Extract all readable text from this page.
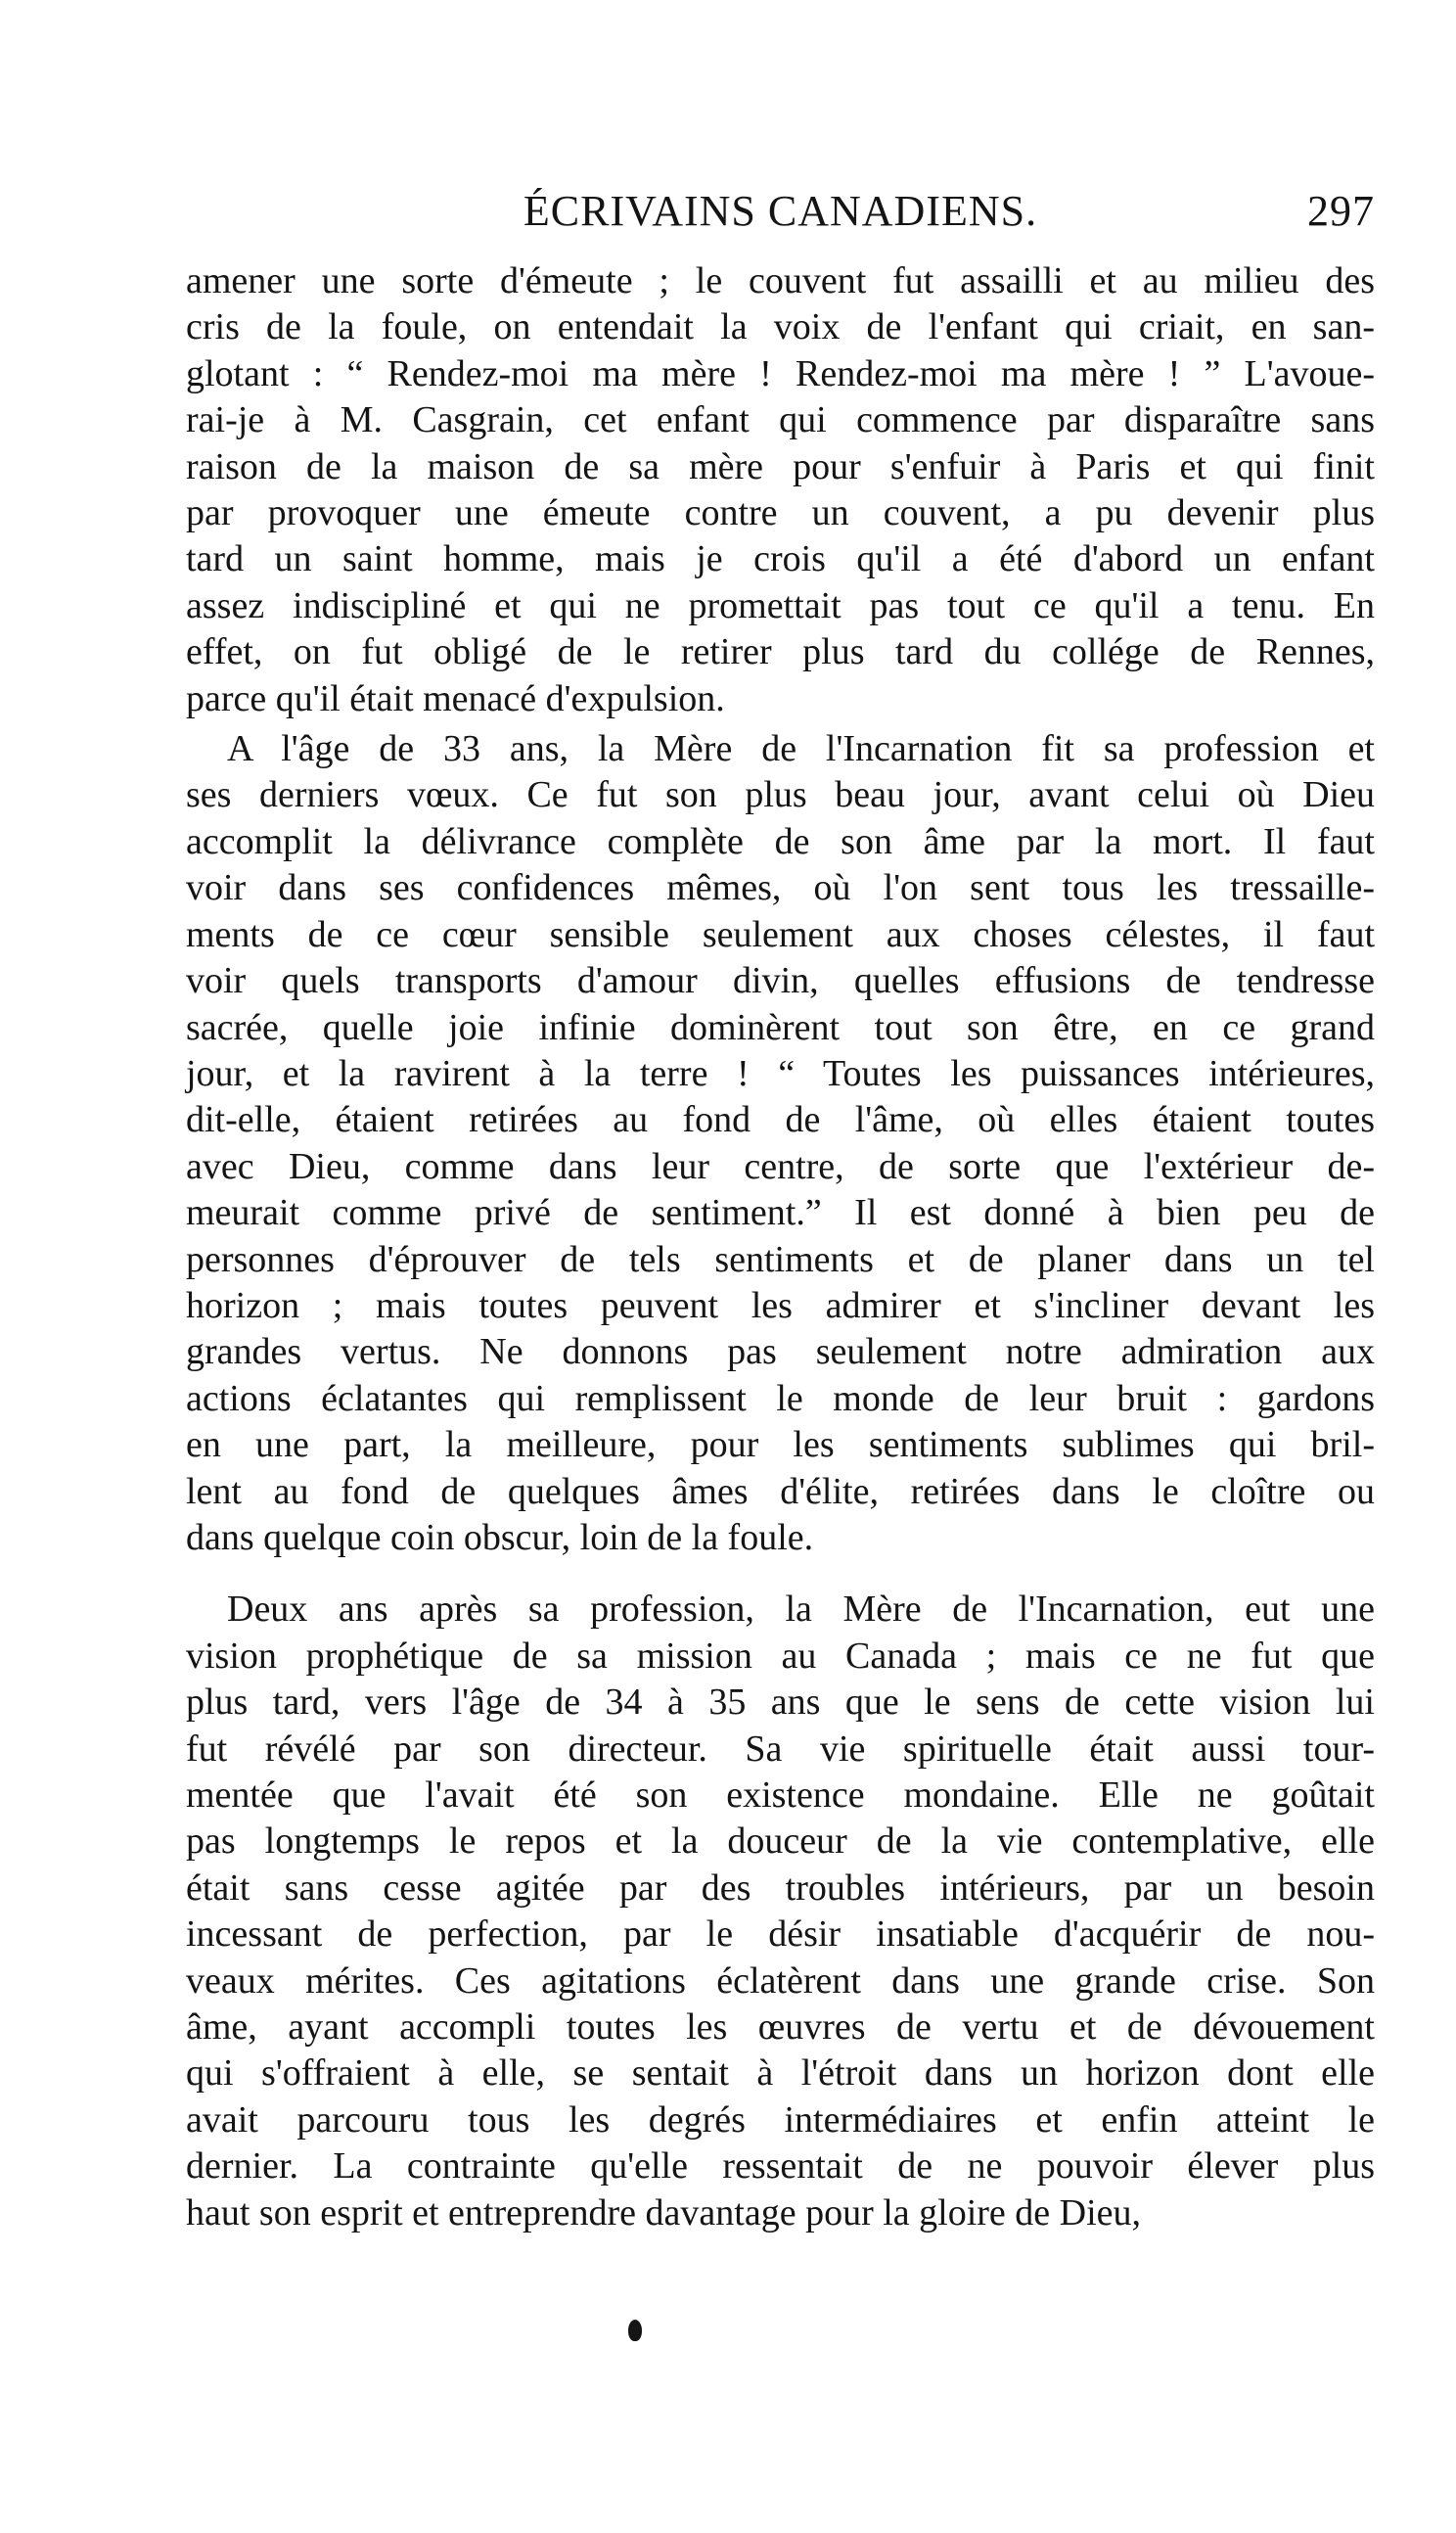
ÉCRIVAINS CANADIENS.	297
amener une sorte d'émeute ; le couvent fut assailli et au milieu des
cris de la foule, on entendait la voix de l'enfant qui criait, en san-
glotant : “ Rendez-moi ma mère ! Rendez-moi ma mère ! ” L'avoue-
rai-je à M. Casgrain, cet enfant qui commence par disparaître sans
raison de la maison de sa mère pour s'enfuir à Paris et qui finit
par provoquer une émeute contre un couvent, a pu devenir plus
tard un saint homme, mais je crois qu'il a été d'abord un enfant
assez indiscipliné et qui ne promettait pas tout ce qu'il a tenu. En
effet, on fut obligé de le retirer plus tard du collége de Rennes,
parce qu'il était menacé d'expulsion.
A l'âge de 33 ans, la Mère de l'Incarnation fit sa profession et
ses derniers vœux. Ce fut son plus beau jour, avant celui où Dieu
accomplit la délivrance complète de son âme par la mort. Il faut
voir dans ses confidences mêmes, où l'on sent tous les tressaille-
ments de ce cœur sensible seulement aux choses célestes, il faut
voir quels transports d'amour divin, quelles effusions de tendresse
sacrée, quelle joie infinie dominèrent tout son être, en ce grand
jour, et la ravirent à la terre ! “ Toutes les puissances intérieures,
dit-elle, étaient retirées au fond de l'âme, où elles étaient toutes
avec Dieu, comme dans leur centre, de sorte que l'extérieur de-
meurait comme privé de sentiment.” Il est donné à bien peu de
personnes d'éprouver de tels sentiments et de planer dans un tel
horizon ; mais toutes peuvent les admirer et s'incliner devant les
grandes vertus. Ne donnons pas seulement notre admiration aux
actions éclatantes qui remplissent le monde de leur bruit : gardons
en une part, la meilleure, pour les sentiments sublimes qui bril-
lent au fond de quelques âmes d'élite, retirées dans le cloître ou
dans quelque coin obscur, loin de la foule.
Deux ans après sa profession, la Mère de l'Incarnation, eut une
vision prophétique de sa mission au Canada ; mais ce ne fut que
plus tard, vers l'âge de 34 à 35 ans que le sens de cette vision lui
fut révélé par son directeur. Sa vie spirituelle était aussi tour-
mentée que l'avait été son existence mondaine. Elle ne goûtait
pas longtemps le repos et la douceur de la vie contemplative, elle
était sans cesse agitée par des troubles intérieurs, par un besoin
incessant de perfection, par le désir insatiable d'acquérir de nou-
veaux mérites. Ces agitations éclatèrent dans une grande crise. Son
âme, ayant accompli toutes les œuvres de vertu et de dévouement
qui s'offraient à elle, se sentait à l'étroit dans un horizon dont elle
avait parcouru tous les degrés intermédiaires et enfin atteint le
dernier. La contrainte qu'elle ressentait de ne pouvoir élever plus
haut son esprit et entreprendre davantage pour la gloire de Dieu,
